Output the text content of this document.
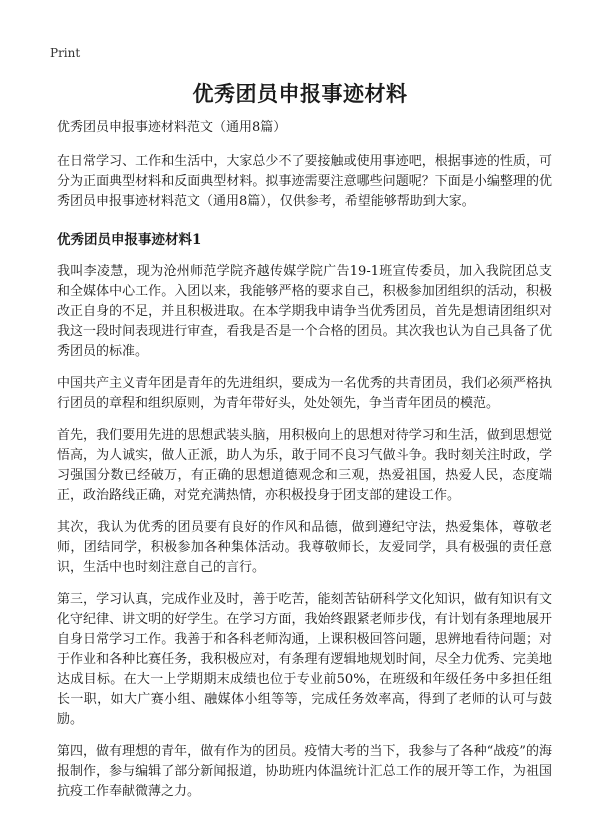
Print
优秀团员申报事迹材料
优秀团员申报事迹材料范文（通用8篇）

在日常学习、工作和生活中，大家总少不了要接触或使用事迹吧，根据事迹的性质，可分为正面典型材料和反面典型材料。拟事迹需要注意哪些问题呢？下面是小编整理的优秀团员申报事迹材料范文（通用8篇），仅供参考，希望能够帮助到大家。

优秀团员申报事迹材料1

我叫李凌慧，现为沧州师范学院齐越传媒学院广告19-1班宣传委员，加入我院团总支和全媒体中心工作。入团以来，我能够严格的要求自己，积极参加团组织的活动，积极改正自身的不足，并且积极进取。在本学期我申请争当优秀团员，首先是想请团组织对我这一段时间表现进行审查，看我是否是一个合格的团员。其次我也认为自己具备了优秀团员的标准。

中国共产主义青年团是青年的先进组织，要成为一名优秀的共青团员，我们必须严格执行团员的章程和组织原则，为青年带好头，处处领先，争当青年团员的模范。

首先，我们要用先进的思想武装头脑，用积极向上的思想对待学习和生活，做到思想觉悟高，为人诚实，做人正派，助人为乐，敢于同不良习气做斗争。我时刻关注时政，学习强国分数已经破万，有正确的思想道德观念和三观，热爱祖国，热爱人民，态度端正，政治路线正确，对党充满热情，亦积极投身于团支部的建设工作。

其次，我认为优秀的团员要有良好的作风和品德，做到遵纪守法，热爱集体，尊敬老师，团结同学，积极参加各种集体活动。我尊敬师长，友爱同学，具有极强的责任意识，生活中也时刻注意自己的言行。

第三，学习认真，完成作业及时，善于吃苦，能刻苦钻研科学文化知识，做有知识有文化守纪律、讲文明的好学生。在学习方面，我始终跟紧老师步伐，有计划有条理地展开自身日常学习工作。我善于和各科老师沟通，上课积极回答问题，思辨地看待问题；对于作业和各种比赛任务，我积极应对，有条理有逻辑地规划时间，尽全力优秀、完美地达成目标。在大一上学期期末成绩也位于专业前50%，在班级和年级任务中多担任组长一职，如大广赛小组、融媒体小组等等，完成任务效率高，得到了老师的认可与鼓励。

第四，做有理想的青年，做有作为的团员。疫情大考的当下，我参与了各种“战疫”的海报制作，参与编辑了部分新闻报道，协助班内体温统计汇总工作的展开等工作，为祖国抗疫工作奉献微薄之力。
